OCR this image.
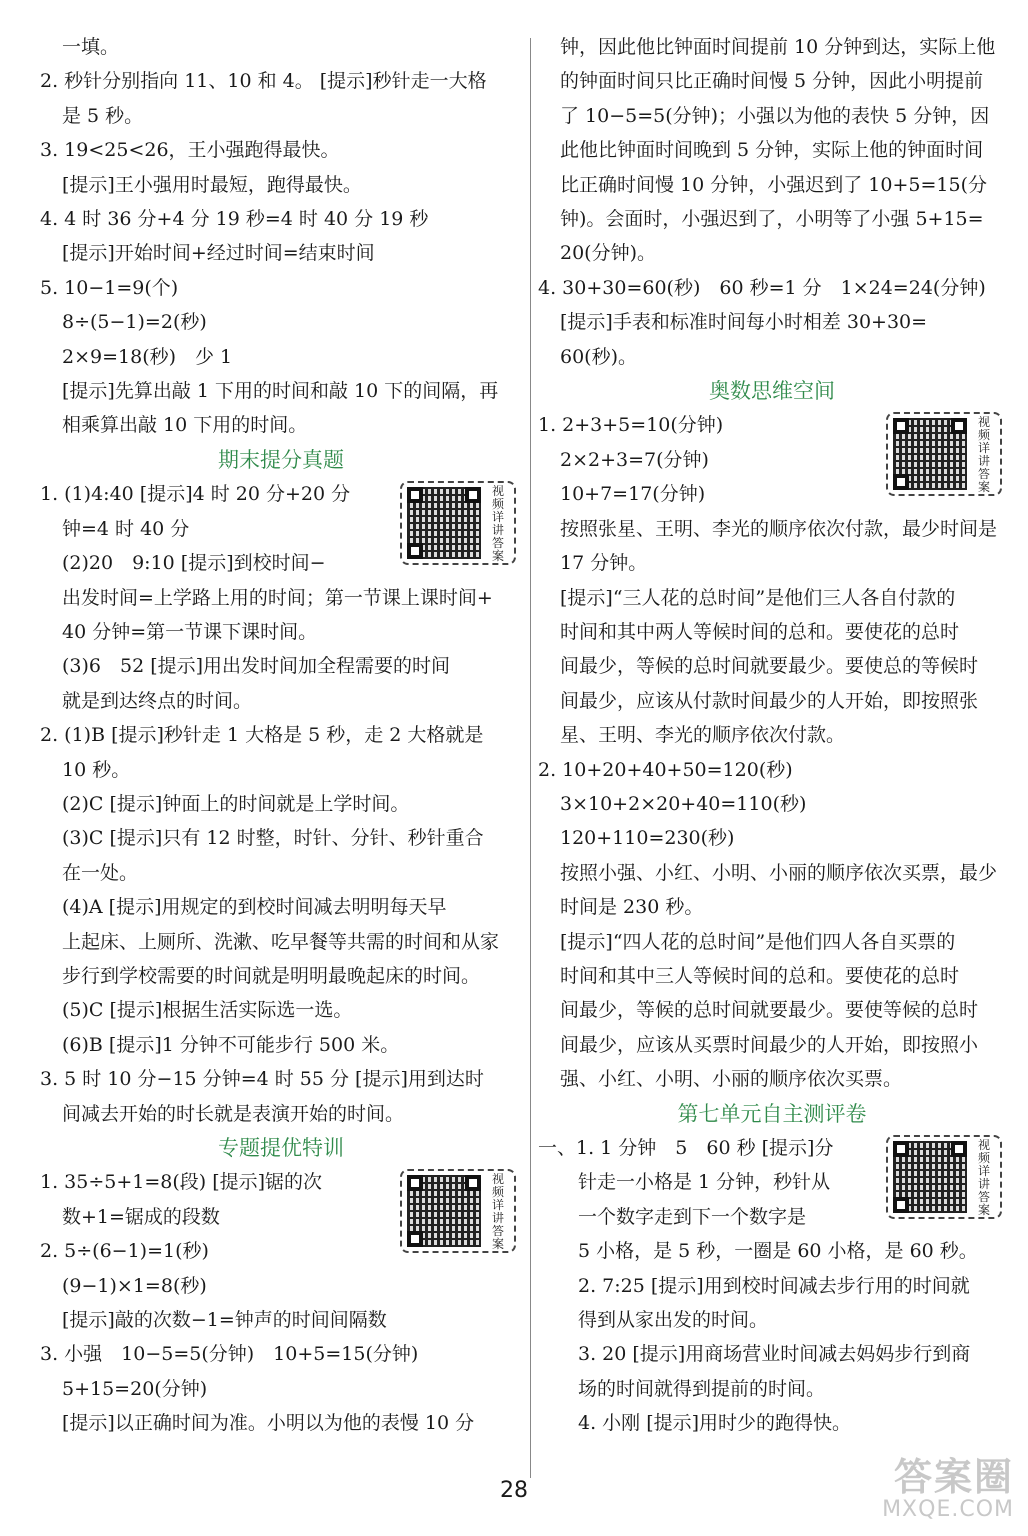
一填。

2. 秒针分别指向 11、10 和 4。 [提示]秒针走一大格

是 5 秒。

3. 19<25<26，王小强跑得最快。

[提示]王小强用时最短，跑得最快。

4. 4 时 36 分+4 分 19 秒=4 时 40 分 19 秒

[提示]开始时间+经过时间=结束时间

5. 10−1=9(个)

8÷(5−1)=2(秒)

2×9=18(秒)　少 1

[提示]先算出敲 1 下用的时间和敲 10 下的间隔，再

相乘算出敲 10 下用的时间。

期末提分真题

1. (1)4:40 [提示]4 时 20 分+20 分	视频详讲答案

钟=4 时 40 分

(2)20　9:10 [提示]到校时间−

出发时间=上学路上用的时间；第一节课上课时间+

40 分钟=第一节课下课时间。

(3)6　52 [提示]用出发时间加全程需要的时间

就是到达终点的时间。

2. (1)B [提示]秒针走 1 大格是 5 秒，走 2 大格就是

10 秒。

(2)C [提示]钟面上的时间就是上学时间。

(3)C [提示]只有 12 时整，时针、分针、秒针重合

在一处。

(4)A [提示]用规定的到校时间减去明明每天早

上起床、上厕所、洗漱、吃早餐等共需的时间和从家

步行到学校需要的时间就是明明最晚起床的时间。

(5)C [提示]根据生活实际选一选。

(6)B [提示]1 分钟不可能步行 500 米。

3. 5 时 10 分−15 分钟=4 时 55 分 [提示]用到达时

间减去开始的时长就是表演开始的时间。

专题提优特训

1. 35÷5+1=8(段) [提示]锯的次	视频详讲答案

数+1=锯成的段数

2. 5÷(6−1)=1(秒)

(9−1)×1=8(秒)

[提示]敲的次数−1=钟声的时间间隔数

3. 小强　10−5=5(分钟)　10+5=15(分钟)

5+15=20(分钟)

[提示]以正确时间为准。小明以为他的表慢 10 分

钟，因此他比钟面时间提前 10 分钟到达，实际上他

的钟面时间只比正确时间慢 5 分钟，因此小明提前

了 10−5=5(分钟)；小强以为他的表快 5 分钟，因

此他比钟面时间晚到 5 分钟，实际上他的钟面时间

比正确时间慢 10 分钟，小强迟到了 10+5=15(分

钟)。会面时，小强迟到了，小明等了小强 5+15=

20(分钟)。

4. 30+30=60(秒)　60 秒=1 分　1×24=24(分钟)

[提示]手表和标准时间每小时相差 30+30=

60(秒)。

奥数思维空间

1. 2+3+5=10(分钟)	视频详讲答案

2×2+3=7(分钟)

10+7=17(分钟)

按照张星、王明、李光的顺序依次付款，最少时间是

17 分钟。

[提示]“三人花的总时间”是他们三人各自付款的

时间和其中两人等候时间的总和。要使花的总时

间最少，等候的总时间就要最少。要使总的等候时

间最少，应该从付款时间最少的人开始，即按照张

星、王明、李光的顺序依次付款。

2. 10+20+40+50=120(秒)

3×10+2×20+40=110(秒)

120+110=230(秒)

按照小强、小红、小明、小丽的顺序依次买票，最少

时间是 230 秒。

[提示]“四人花的总时间”是他们四人各自买票的

时间和其中三人等候时间的总和。要使花的总时

间最少，等候的总时间就要最少。要使等候的总时

间最少，应该从买票时间最少的人开始，即按照小

强、小红、小明、小丽的顺序依次买票。

第七单元自主测评卷

一、1. 1 分钟　5　60 秒 [提示]分	视频详讲答案

针走一小格是 1 分钟，秒针从

一个数字走到下一个数字是

5 小格，是 5 秒，一圈是 60 小格，是 60 秒。

2. 7:25 [提示]用到校时间减去步行用的时间就

得到从家出发的时间。

3. 20 [提示]用商场营业时间减去妈妈步行到商

场的时间就得到提前的时间。

4. 小刚 [提示]用时少的跑得快。

28	答案圈
MXQE.COM
